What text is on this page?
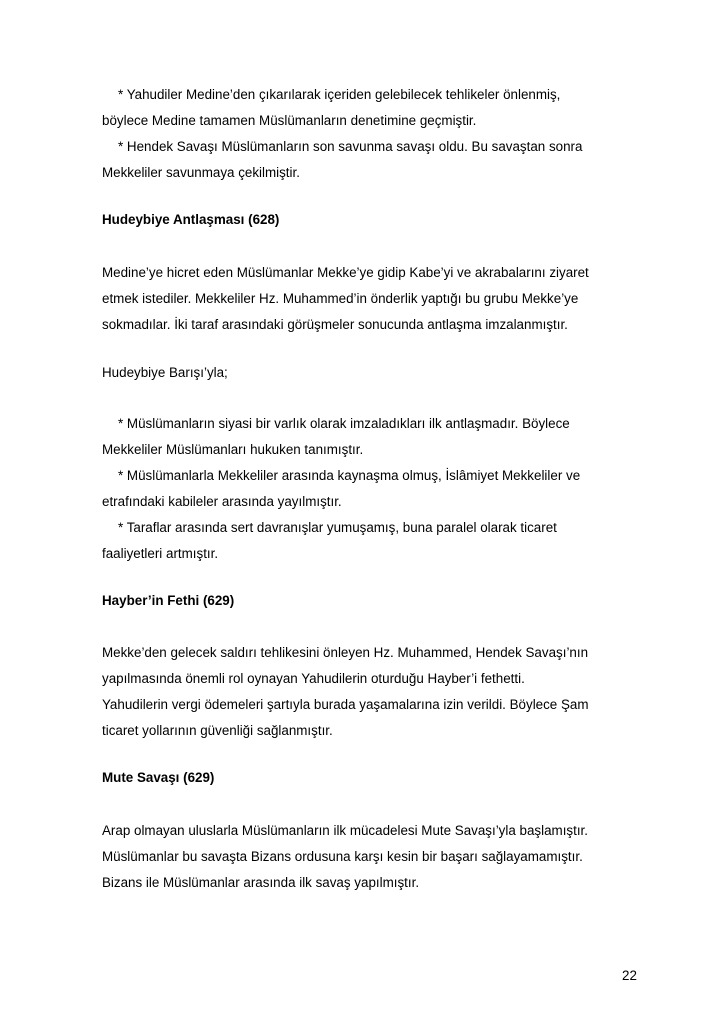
* Yahudiler Medine’den çıkarılarak içeriden gelebilecek tehlikeler önlenmiş,
böylece Medine tamamen Müslümanların denetimine geçmiştir.
* Hendek Savaşı Müslümanların son savunma savaşı oldu. Bu savaştan sonra
Mekkeliler savunmaya çekilmiştir.
Hudeybiye Antlaşması (628)
Medine’ye hicret eden Müslümanlar Mekke’ye gidip Kabe’yi ve akrabalarını ziyaret
etmek istediler. Mekkeliler Hz. Muhammed’in önderlik yaptığı bu grubu Mekke’ye
sokmadılar. İki taraf arasındaki görüşmeler sonucunda antlaşma imzalanmıştır.
Hudeybiye Barışı’yla;
* Müslümanların siyasi bir varlık olarak imzaladıkları ilk antlaşmadır. Böylece
Mekkeliler Müslümanları hukuken tanımıştır.
* Müslümanlarla Mekkeliler arasında kaynaşma olmuş, İslâmiyet Mekkeliler ve
etrafındaki kabileler arasında yayılmıştır.
* Taraflar arasında sert davranışlar yumuşamış, buna paralel olarak ticaret
faaliyetleri artmıştır.
Hayber’in Fethi (629)
Mekke’den gelecek saldırı tehlikesini önleyen Hz. Muhammed, Hendek Savaşı’nın
yapılmasında önemli rol oynayan Yahudilerin oturduğu Hayber’i fethetti.
Yahudilerin vergi ödemeleri şartıyla burada yaşamalarına izin verildi. Böylece Şam
ticaret yollarının güvenliği sağlanmıştır.
Mute Savaşı (629)
Arap olmayan uluslarla Müslümanların ilk mücadelesi Mute Savaşı’yla başlamıştır.
Müslümanlar bu savaşta Bizans ordusuna karşı kesin bir başarı sağlayamamıştır.
Bizans ile Müslümanlar arasında ilk savaş yapılmıştır.
22
